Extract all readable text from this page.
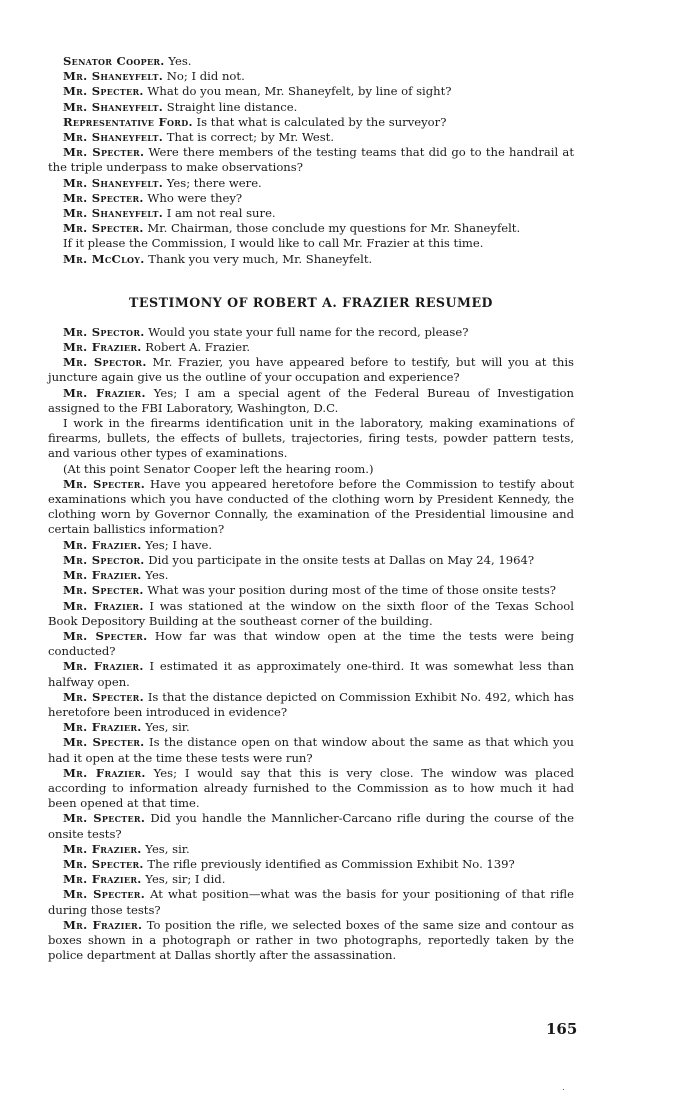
Senator Cooper. Yes.

Mr. Shaneyfelt. No; I did not.

Mr. Specter. What do you mean, Mr. Shaneyfelt, by line of sight?

Mr. Shaneyfelt. Straight line distance.

Representative Ford. Is that what is calculated by the surveyor?

Mr. Shaneyfelt. That is correct; by Mr. West.

Mr. Specter. Were there members of the testing teams that did go to the handrail at the triple underpass to make observations?

Mr. Shaneyfelt. Yes; there were.

Mr. Specter. Who were they?

Mr. Shaneyfelt. I am not real sure.

Mr. Specter. Mr. Chairman, those conclude my questions for Mr. Shaneyfelt.

If it please the Commission, I would like to call Mr. Frazier at this time.

Mr. McCloy. Thank you very much, Mr. Shaneyfelt.

TESTIMONY OF ROBERT A. FRAZIER RESUMED

Mr. Spector. Would you state your full name for the record, please?

Mr. Frazier. Robert A. Frazier.

Mr. Spector. Mr. Frazier, you have appeared before to testify, but will you at this juncture again give us the outline of your occupation and experience?

Mr. Frazier. Yes; I am a special agent of the Federal Bureau of Investigation assigned to the FBI Laboratory, Washington, D.C.

I work in the firearms identification unit in the laboratory, making examinations of firearms, bullets, the effects of bullets, trajectories, firing tests, powder pattern tests, and various other types of examinations.

(At this point Senator Cooper left the hearing room.)

Mr. Specter. Have you appeared heretofore before the Commission to testify about examinations which you have conducted of the clothing worn by President Kennedy, the clothing worn by Governor Connally, the examination of the Presidential limousine and certain ballistics information?

Mr. Frazier. Yes; I have.

Mr. Spector. Did you participate in the onsite tests at Dallas on May 24, 1964?

Mr. Frazier. Yes.

Mr. Specter. What was your position during most of the time of those onsite tests?

Mr. Frazier. I was stationed at the window on the sixth floor of the Texas School Book Depository Building at the southeast corner of the building.

Mr. Specter. How far was that window open at the time the tests were being conducted?

Mr. Frazier. I estimated it as approximately one-third. It was somewhat less than halfway open.

Mr. Specter. Is that the distance depicted on Commission Exhibit No. 492, which has heretofore been introduced in evidence?

Mr. Frazier. Yes, sir.

Mr. Specter. Is the distance open on that window about the same as that which you had it open at the time these tests were run?

Mr. Frazier. Yes; I would say that this is very close. The window was placed according to information already furnished to the Commission as to how much it had been opened at that time.

Mr. Specter. Did you handle the Mannlicher-Carcano rifle during the course of the onsite tests?

Mr. Frazier. Yes, sir.

Mr. Specter. The rifle previously identified as Commission Exhibit No. 139?

Mr. Frazier. Yes, sir; I did.

Mr. Specter. At what position—what was the basis for your positioning of that rifle during those tests?

Mr. Frazier. To position the rifle, we selected boxes of the same size and contour as boxes shown in a photograph or rather in two photographs, reportedly taken by the police department at Dallas shortly after the assassination.

165
